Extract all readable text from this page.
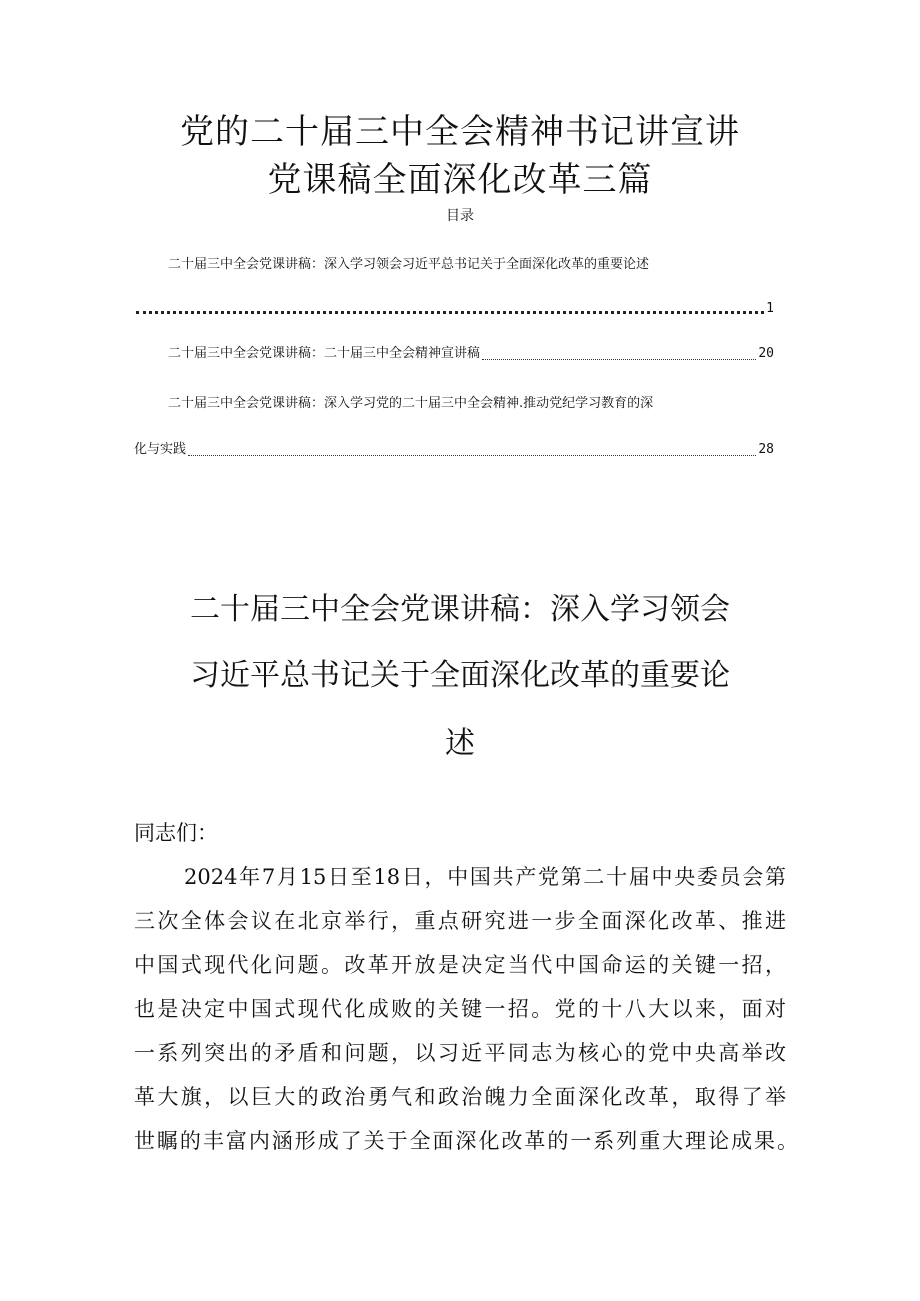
党的二十届三中全会精神书记讲宣讲
党课稿全面深化改革三篇
目录
二十届三中全会党课讲稿：深入学习领会习近平总书记关于全面深化改革的重要论述
1
二十届三中全会党课讲稿：二十届三中全会精神宣讲稿	20
二十届三中全会党课讲稿：深入学习党的二十届三中全会精神.推动党纪学习教育的深
化与实践	28
二十届三中全会党课讲稿：深入学习领会
习近平总书记关于全面深化改革的重要论
述
同志们：
2024年7月15日至18日，中国共产党第二十届中央委员会第
三次全体会议在北京举行，重点研究进一步全面深化改革、推进
中国式现代化问题。改革开放是决定当代中国命运的关键一招，
也是决定中国式现代化成败的关键一招。党的十八大以来，面对
一系列突出的矛盾和问题，以习近平同志为核心的党中央高举改
革大旗，以巨大的政治勇气和政治魄力全面深化改革，取得了举
世瞩的丰富内涵形成了关于全面深化改革的一系列重大理论成果。
